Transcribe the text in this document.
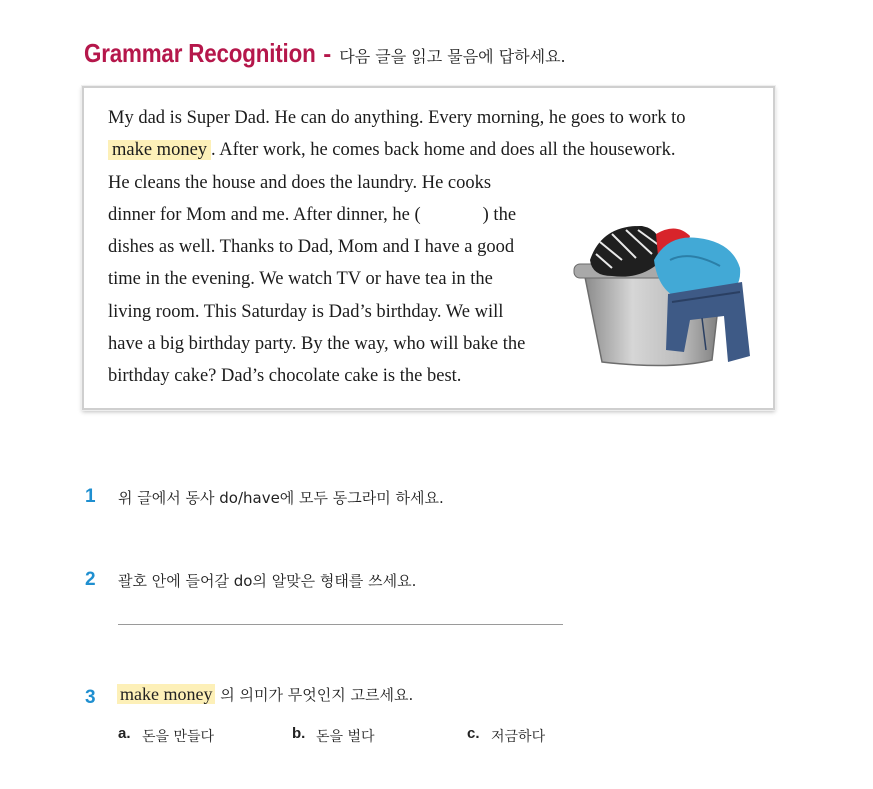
Grammar Recognition - 다음 글을 읽고 물음에 답하세요.
My dad is Super Dad. He can do anything. Every morning, he goes to work to
make money . After work, he comes back home and does all the housework.
He cleans the house and does the laundry. He cooks
dinner for Mom and me. After dinner, he (	) the
dishes as well. Thanks to Dad, Mom and I have a good
time in the evening. We watch TV or have tea in the
living room. This Saturday is Dad’s birthday. We will
have a big birthday party. By the way, who will bake the
birthday cake? Dad’s chocolate cake is the best.
1 위 글에서 동사 do/have에 모두 동그라미 하세요.
2 괄호 안에 들어갈 do의 알맞은 형태를 쓰세요.
3 make money 의 의미가 무엇인지 고르세요.
a. 돈을 만들다	b. 돈을 벌다	c. 저금하다
